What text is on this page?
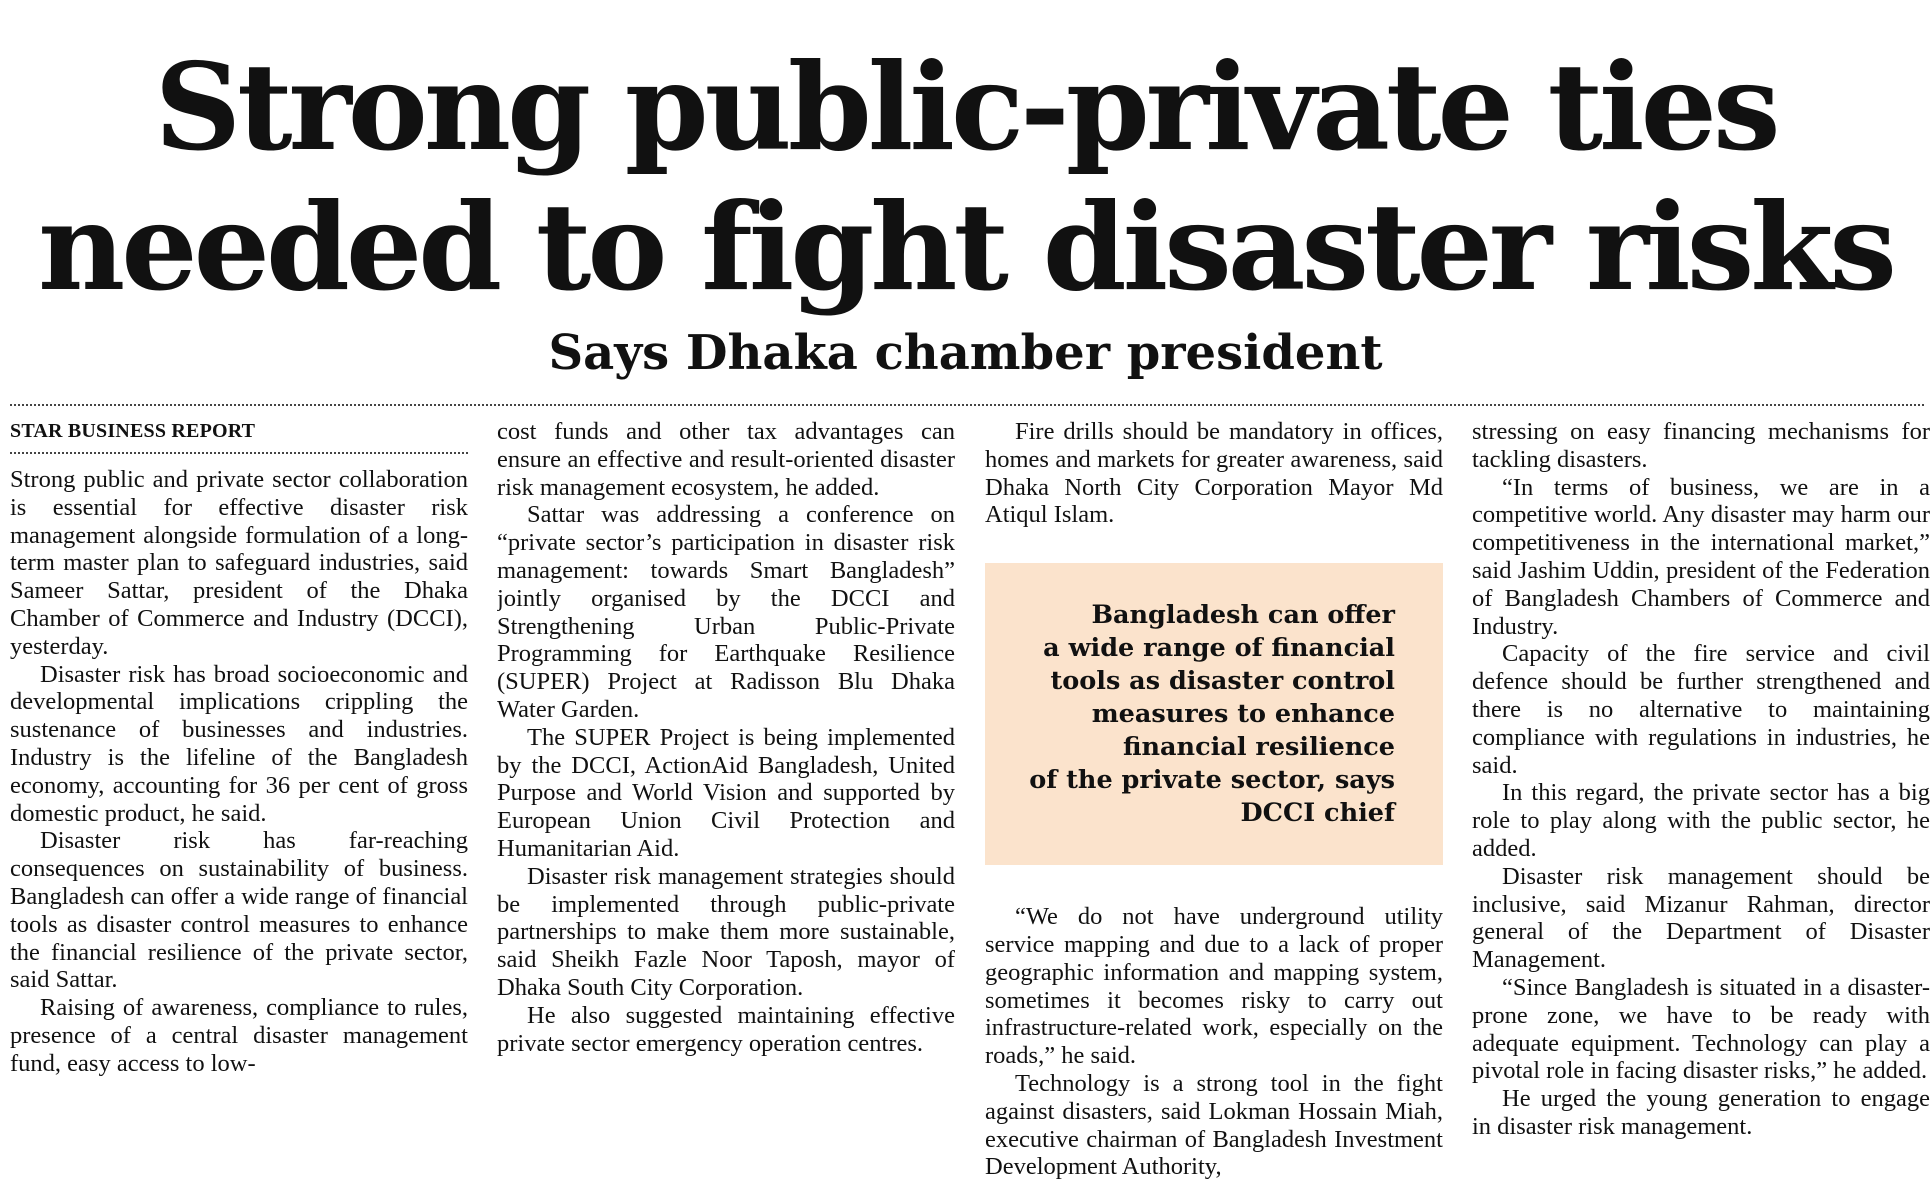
Strong public-private ties
needed to fight disaster risks
Says Dhaka chamber president
STAR BUSINESS REPORT

Strong public and private sector collaboration is essential for effective disaster risk management alongside formulation of a long-term master plan to safeguard industries, said Sameer Sattar, president of the Dhaka Chamber of Commerce and Industry (DCCI), yesterday.

Disaster risk has broad socioeconomic and developmental implications crippling the sustenance of businesses and industries. Industry is the lifeline of the Bangladesh economy, accounting for 36 per cent of gross domestic product, he said.

Disaster risk has far-reaching consequences on sustainability of business. Bangladesh can offer a wide range of financial tools as disaster control measures to enhance the financial resilience of the private sector, said Sattar.

Raising of awareness, compliance to rules, presence of a central disaster management fund, easy access to low-

cost funds and other tax advantages can ensure an effective and result-oriented disaster risk management ecosystem, he added.

Sattar was addressing a conference on “private sector’s participation in disaster risk management: towards Smart Bangladesh” jointly organised by the DCCI and Strengthening Urban Public-Private Programming for Earthquake Resilience (SUPER) Project at Radisson Blu Dhaka Water Garden.

The SUPER Project is being implemented by the DCCI, ActionAid Bangladesh, United Purpose and World Vision and supported by European Union Civil Protection and Humanitarian Aid.

Disaster risk management strategies should be implemented through public-private partnerships to make them more sustainable, said Sheikh Fazle Noor Taposh, mayor of Dhaka South City Corporation.

He also suggested maintaining effective private sector emergency operation centres.

Fire drills should be mandatory in offices, homes and markets for greater awareness, said Dhaka North City Corporation Mayor Md Atiqul Islam.

Bangladesh can offer
a wide range of financial
tools as disaster control
measures to enhance
financial resilience
of the private sector, says
DCCI chief

“We do not have underground utility service mapping and due to a lack of proper geographic information and mapping system, sometimes it becomes risky to carry out infrastructure-related work, especially on the roads,” he said.

Technology is a strong tool in the fight against disasters, said Lokman Hossain Miah, executive chairman of Bangladesh Investment Development Authority,

stressing on easy financing mechanisms for tackling disasters.

“In terms of business, we are in a competitive world. Any disaster may harm our competitiveness in the international market,” said Jashim Uddin, president of the Federation of Bangladesh Chambers of Commerce and Industry.

Capacity of the fire service and civil defence should be further strengthened and there is no alternative to maintaining compliance with regulations in industries, he said.

In this regard, the private sector has a big role to play along with the public sector, he added.

Disaster risk management should be inclusive, said Mizanur Rahman, director general of the Department of Disaster Management.

“Since Bangladesh is situated in a disaster-prone zone, we have to be ready with adequate equipment. Technology can play a pivotal role in facing disaster risks,” he added.

He urged the young generation to engage in disaster risk management.
